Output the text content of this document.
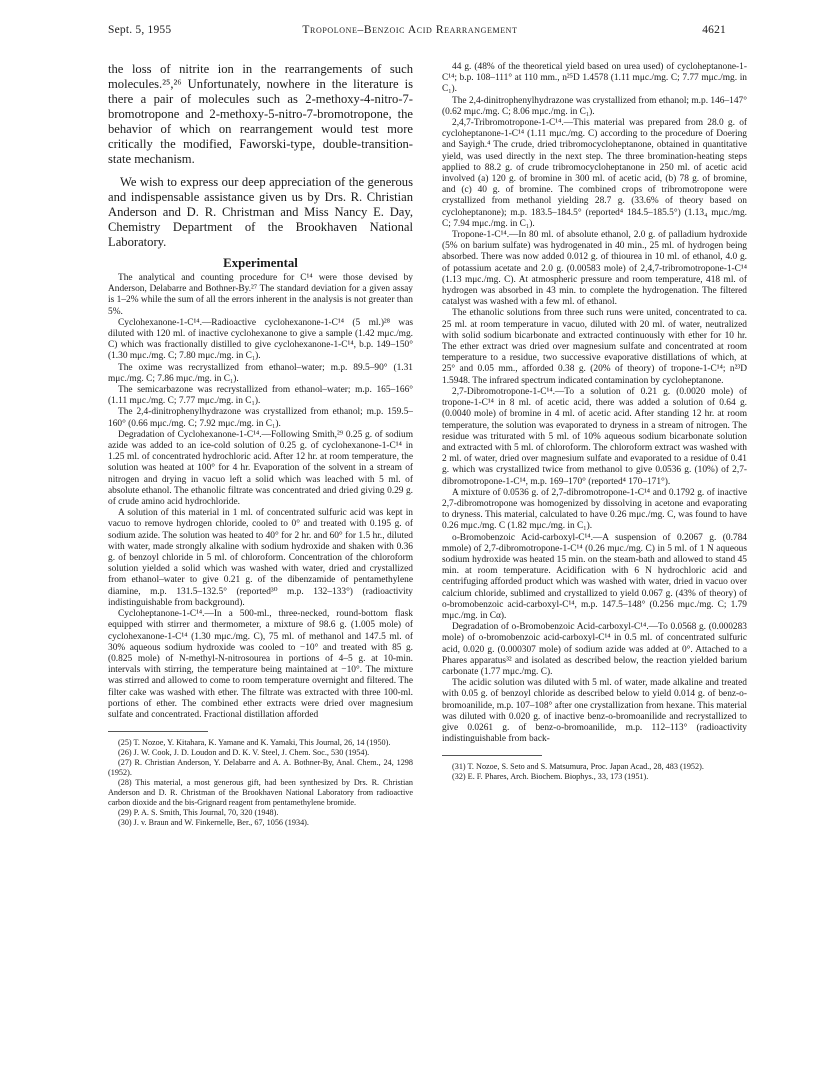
Sept. 5, 1955	Tropolone–Benzoic Acid Rearrangement	4621

the loss of nitrite ion in the rearrangements of such molecules.²⁵,²⁶ Unfortunately, nowhere in the literature is there a pair of molecules such as 2-methoxy-4-nitro-7-bromotropone and 2-methoxy-5-nitro-7-bromotropone, the behavior of which on rearrangement would test more critically the modified, Faworski-type, double-transition-state mechanism.

We wish to express our deep appreciation of the generous and indispensable assistance given us by Drs. R. Christian Anderson and D. R. Christman and Miss Nancy E. Day, Chemistry Department of the Brookhaven National Laboratory.

Experimental

The analytical and counting procedure for C¹⁴ were those devised by Anderson, Delabarre and Bothner-By.²⁷ The standard deviation for a given assay is 1–2% while the sum of all the errors inherent in the analysis is not greater than 5%.

Cyclohexanone-1-C¹⁴.—Radioactive cyclohexanone-1-C¹⁴ (5 ml.)²⁸ was diluted with 120 ml. of inactive cyclohexanone to give a sample (1.42 mμc./mg. C) which was fractionally distilled to give cyclohexanone-1-C¹⁴, b.p. 149–150° (1.30 mμc./mg. C; 7.80 mμc./mg. in C₁).

The oxime was recrystallized from ethanol–water; m.p. 89.5–90° (1.31 mμc./mg. C; 7.86 mμc./mg. in C₁).

The semicarbazone was recrystallized from ethanol–water; m.p. 165–166° (1.11 mμc./mg. C; 7.77 mμc./mg. in C₁).

The 2,4-dinitrophenylhydrazone was crystallized from ethanol; m.p. 159.5–160° (0.66 mμc./mg. C; 7.92 mμc./mg. in C₁).

Degradation of Cyclohexanone-1-C¹⁴.—Following Smith,²⁹ 0.25 g. of sodium azide was added to an ice-cold solution of 0.25 g. of cyclohexanone-1-C¹⁴ in 1.25 ml. of concentrated hydrochloric acid. After 12 hr. at room temperature, the solution was heated at 100° for 4 hr. Evaporation of the solvent in a stream of nitrogen and drying in vacuo left a solid which was leached with 5 ml. of absolute ethanol. The ethanolic filtrate was concentrated and dried giving 0.29 g. of crude amino acid hydrochloride.

A solution of this material in 1 ml. of concentrated sulfuric acid was kept in vacuo to remove hydrogen chloride, cooled to 0° and treated with 0.195 g. of sodium azide. The solution was heated to 40° for 2 hr. and 60° for 1.5 hr., diluted with water, made strongly alkaline with sodium hydroxide and shaken with 0.36 g. of benzoyl chloride in 5 ml. of chloroform. Concentration of the chloroform solution yielded a solid which was washed with water, dried and crystallized from ethanol–water to give 0.21 g. of the dibenzamide of pentamethylene diamine, m.p. 131.5–132.5° (reported³⁰ m.p. 132–133°) (radioactivity indistinguishable from background).

Cycloheptanone-1-C¹⁴.—In a 500-ml., three-necked, round-bottom flask equipped with stirrer and thermometer, a mixture of 98.6 g. (1.005 mole) of cyclohexanone-1-C¹⁴ (1.30 mμc./mg. C), 75 ml. of methanol and 147.5 ml. of 30% aqueous sodium hydroxide was cooled to −10° and treated with 85 g. (0.825 mole) of N-methyl-N-nitrosourea in portions of 4–5 g. at 10-min. intervals with stirring, the temperature being maintained at −10°. The mixture was stirred and allowed to come to room temperature overnight and filtered. The filter cake was washed with ether. The filtrate was extracted with three 100-ml. portions of ether. The combined ether extracts were dried over magnesium sulfate and concentrated. Fractional distillation afforded

(25) T. Nozoe, Y. Kitahara, K. Yamane and K. Yamaki, This Journal, 26, 14 (1950).

(26) J. W. Cook, J. D. Loudon and D. K. V. Steel, J. Chem. Soc., 530 (1954).

(27) R. Christian Anderson, Y. Delabarre and A. A. Bothner-By, Anal. Chem., 24, 1298 (1952).

(28) This material, a most generous gift, had been synthesized by Drs. R. Christian Anderson and D. R. Christman of the Brookhaven National Laboratory from radioactive carbon dioxide and the bis-Grignard reagent from pentamethylene bromide.

(29) P. A. S. Smith, This Journal, 70, 320 (1948).

(30) J. v. Braun and W. Finkernelle, Ber., 67, 1056 (1934).

44 g. (48% of the theoretical yield based on urea used) of cycloheptanone-1-C¹⁴; b.p. 108–111° at 110 mm., n²⁵D 1.4578 (1.11 mμc./mg. C; 7.77 mμc./mg. in C₁).

The 2,4-dinitrophenylhydrazone was crystallized from ethanol; m.p. 146–147° (0.62 mμc./mg. C; 8.06 mμc./mg. in C₁).

2,4,7-Tribromotropone-1-C¹⁴.—This material was prepared from 28.0 g. of cycloheptanone-1-C¹⁴ (1.11 mμc./mg. C) according to the procedure of Doering and Sayigh.⁴ The crude, dried tribromocycloheptanone, obtained in quantitative yield, was used directly in the next step. The three bromination-heating steps applied to 88.2 g. of crude tribromocycloheptanone in 250 ml. of acetic acid involved (a) 120 g. of bromine in 300 ml. of acetic acid, (b) 78 g. of bromine, and (c) 40 g. of bromine. The combined crops of tribromotropone were crystallized from methanol yielding 28.7 g. (33.6% of theory based on cycloheptanone); m.p. 183.5–184.5° (reported⁴ 184.5–185.5°) (1.13₄ mμc./mg. C; 7.94 mμc./mg. in C₁).

Tropone-1-C¹⁴.—In 80 ml. of absolute ethanol, 2.0 g. of palladium hydroxide (5% on barium sulfate) was hydrogenated in 40 min., 25 ml. of hydrogen being absorbed. There was now added 0.012 g. of thiourea in 10 ml. of ethanol, 4.0 g. of potassium acetate and 2.0 g. (0.00583 mole) of 2,4,7-tribromotropone-1-C¹⁴ (1.13 mμc./mg. C). At atmospheric pressure and room temperature, 418 ml. of hydrogen was absorbed in 43 min. to complete the hydrogenation. The filtered catalyst was washed with a few ml. of ethanol.

The ethanolic solutions from three such runs were united, concentrated to ca. 25 ml. at room temperature in vacuo, diluted with 20 ml. of water, neutralized with solid sodium bicarbonate and extracted continuously with ether for 10 hr. The ether extract was dried over magnesium sulfate and concentrated at room temperature to a residue, two successive evaporative distillations of which, at 25° and 0.05 mm., afforded 0.38 g. (20% of theory) of tropone-1-C¹⁴; n²³D 1.5948. The infrared spectrum indicated contamination by cycloheptanone.

2,7-Dibromotropone-1-C¹⁴.—To a solution of 0.21 g. (0.0020 mole) of tropone-1-C¹⁴ in 8 ml. of acetic acid, there was added a solution of 0.64 g. (0.0040 mole) of bromine in 4 ml. of acetic acid. After standing 12 hr. at room temperature, the solution was evaporated to dryness in a stream of nitrogen. The residue was triturated with 5 ml. of 10% aqueous sodium bicarbonate solution and extracted with 5 ml. of chloroform. The chloroform extract was washed with 2 ml. of water, dried over magnesium sulfate and evaporated to a residue of 0.41 g. which was crystallized twice from methanol to give 0.0536 g. (10%) of 2,7-dibromotropone-1-C¹⁴, m.p. 169–170° (reported⁴ 170–171°).

A mixture of 0.0536 g. of 2,7-dibromotropone-1-C¹⁴ and 0.1792 g. of inactive 2,7-dibromotropone was homogenized by dissolving in acetone and evaporating to dryness. This material, calculated to have 0.26 mμc./mg. C, was found to have 0.26 mμc./mg. C (1.82 mμc./mg. in C₁).

o-Bromobenzoic Acid-carboxyl-C¹⁴.—A suspension of 0.2067 g. (0.784 mmole) of 2,7-dibromotropone-1-C¹⁴ (0.26 mμc./mg. C) in 5 ml. of 1 N aqueous sodium hydroxide was heated 15 min. on the steam-bath and allowed to stand 45 min. at room temperature. Acidification with 6 N hydrochloric acid and centrifuging afforded product which was washed with water, dried in vacuo over calcium chloride, sublimed and crystallized to yield 0.067 g. (43% of theory) of o-bromobenzoic acid-carboxyl-C¹⁴, m.p. 147.5–148° (0.256 mμc./mg. C; 1.79 mμc./mg. in Cα).

Degradation of o-Bromobenzoic Acid-carboxyl-C¹⁴.—To 0.0568 g. (0.000283 mole) of o-bromobenzoic acid-carboxyl-C¹⁴ in 0.5 ml. of concentrated sulfuric acid, 0.020 g. (0.000307 mole) of sodium azide was added at 0°. Attached to a Phares apparatus³² and isolated as described below, the reaction yielded barium carbonate (1.77 mμc./mg. C).

The acidic solution was diluted with 5 ml. of water, made alkaline and treated with 0.05 g. of benzoyl chloride as described below to yield 0.014 g. of benz-o-bromoanilide, m.p. 107–108° after one crystallization from hexane. This material was diluted with 0.020 g. of inactive benz-o-bromoanilide and recrystallized to give 0.0261 g. of benz-o-bromoanilide, m.p. 112–113° (radioactivity indistinguishable from back-

(31) T. Nozoe, S. Seto and S. Matsumura, Proc. Japan Acad., 28, 483 (1952).

(32) E. F. Phares, Arch. Biochem. Biophys., 33, 173 (1951).
